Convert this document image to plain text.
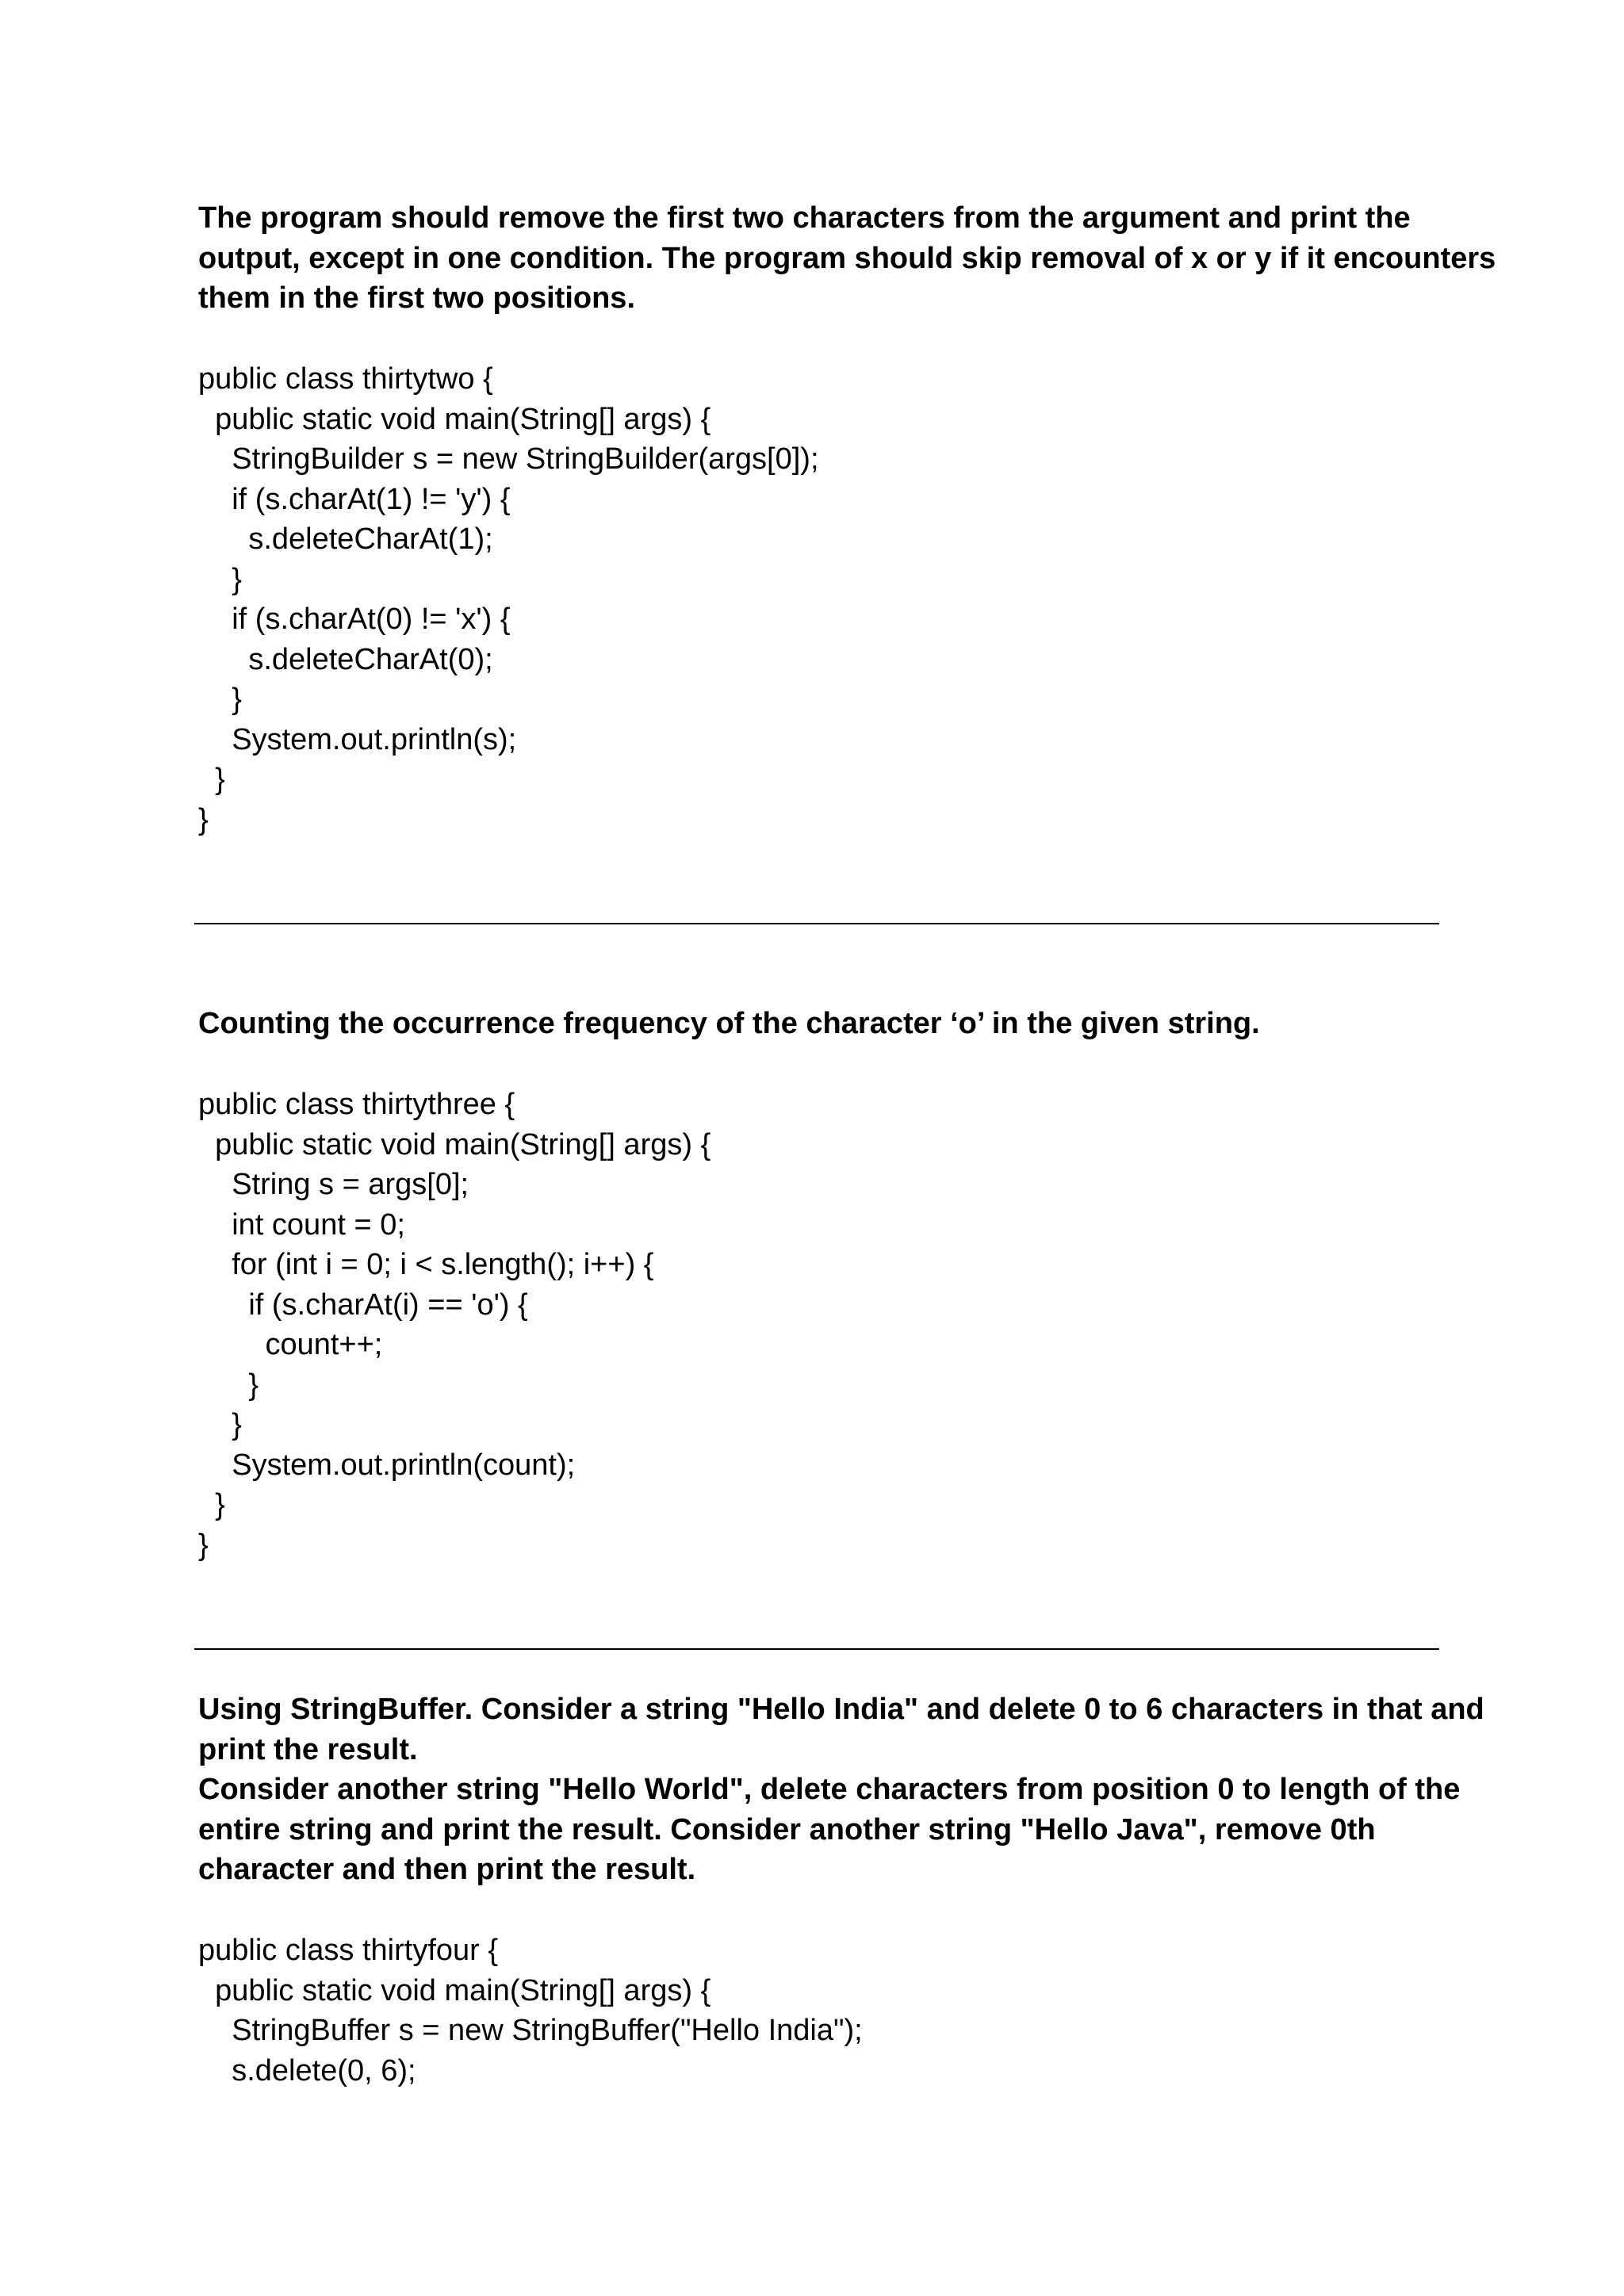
The program should remove the first two characters from the argument and print the
output, except in one condition. The program should skip removal of x or y if it encounters
them in the first two positions.

public class thirtytwo {
public static void main(String[] args) {
StringBuilder s = new StringBuilder(args[0]);
if (s.charAt(1) != 'y') {
s.deleteCharAt(1);
}
if (s.charAt(0) != 'x') {
s.deleteCharAt(0);
}
System.out.println(s);
}
}

Counting the occurrence frequency of the character ‘o’ in the given string.

public class thirtythree {
public static void main(String[] args) {
String s = args[0];
int count = 0;
for (int i = 0; i < s.length(); i++) {
if (s.charAt(i) == 'o') {
count++;
}
}
System.out.println(count);
}
}

Using StringBuffer. Consider a string "Hello India" and delete 0 to 6 characters in that and
print the result.
Consider another string "Hello World", delete characters from position 0 to length of the
entire string and print the result. Consider another string "Hello Java", remove 0th
character and then print the result.

public class thirtyfour {
public static void main(String[] args) {
StringBuffer s = new StringBuffer("Hello India");
s.delete(0, 6);
